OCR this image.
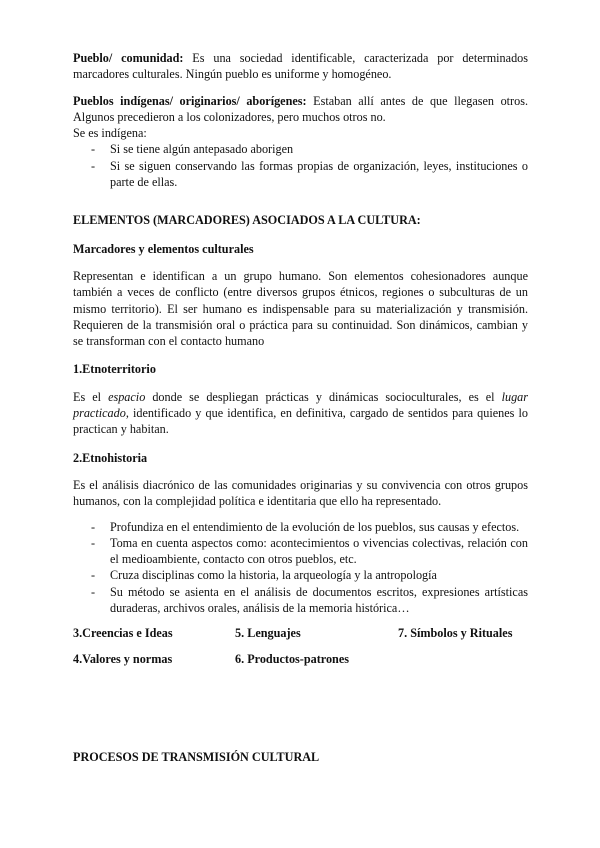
Pueblo/ comunidad: Es una sociedad identificable, caracterizada por determinados marcadores culturales. Ningún pueblo es uniforme y homogéneo.

Pueblos indígenas/ originarios/ aborígenes: Estaban allí antes de que llegasen otros. Algunos precedieron a los colonizadores, pero muchos otros no.

Se es indígena:

- Si se tiene algún antepasado aborigen
- Si se siguen conservando las formas propias de organización, leyes, instituciones o parte de ellas.

ELEMENTOS (MARCADORES) ASOCIADOS A LA CULTURA:

Marcadores y elementos culturales

Representan e identifican a un grupo humano. Son elementos cohesionadores aunque también a veces de conflicto (entre diversos grupos étnicos, regiones o subculturas de un mismo territorio). El ser humano es indispensable para su materialización y transmisión. Requieren de la transmisión oral o práctica para su continuidad. Son dinámicos, cambian y se transforman con el contacto humano

1.Etnoterritorio

Es el espacio donde se despliegan prácticas y dinámicas socioculturales, es el lugar practicado, identificado y que identifica, en definitiva, cargado de sentidos para quienes lo practican y habitan.

2.Etnohistoria

Es el análisis diacrónico de las comunidades originarias y su convivencia con otros grupos humanos, con la complejidad política e identitaria que ello ha representado.

- Profundiza en el entendimiento de la evolución de los pueblos, sus causas y efectos.
- Toma en cuenta aspectos como: acontecimientos o vivencias colectivas, relación con el medioambiente, contacto con otros pueblos, etc.
- Cruza disciplinas como la historia, la arqueología y la antropología
- Su método se asienta en el análisis de documentos escritos, expresiones artísticas duraderas, archivos orales, análisis de la memoria histórica…
3.Creencias e Ideas	5. Lenguajes	7. Símbolos y Rituales
4.Valores y normas	6. Productos-patrones

PROCESOS DE TRANSMISIÓN CULTURAL
